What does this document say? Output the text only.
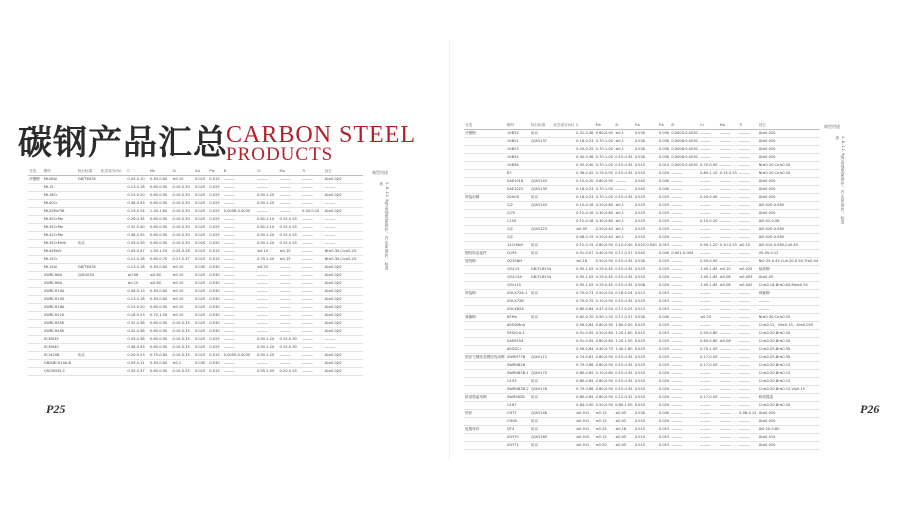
碳钢产品汇总
CARBON STEEL
PRODUCTS
分类	钢号	执行标准	化学成分(%)	C	Mn	Si	S≤	P≤	B	Cr	Mo	Ti	其它
冷镦钢	ML08Al	GB/T6478		0.05-0.10	0.30-0.60	≤0.10	0.015	0.015	———	———	———	———	Al≥0.020
	ML15			0.13-0.18	0.60-0.90	0.10-0.30	0.025	0.025	———	———	———	———	———
	ML18Cr			0.15-0.20	0.60-0.90	0.10-0.30	0.025	0.025	———	0.90-1.20	———	———	Al≥0.020
	ML40Cr			0.38-0.43	0.60-0.90	0.10-0.30	0.025	0.025	———	0.90-1.20	———	———	———
	ML20MnTiB			0.19-0.24	1.30-1.60	0.10-0.30	0.025	0.025	0.0008-0.0035	———	———	0.04-0.10	Al≥0.020
	ML30CrMo			0.26-0.34	0.60-0.90	0.10-0.30	0.025	0.025	———	0.80-1.10	0.15-0.25	———	———
	ML35CrMo			0.32-0.40	0.60-0.90	0.10-0.30	0.025	0.025	———	0.80-1.10	0.15-0.25	———	———
	ML42CrMo			0.38-0.45	0.60-0.90	0.10-0.30	0.025	0.025	———	0.90-1.20	0.15-0.25	———	———
	ML35CrMnSi	协议		0.33-0.39	0.60-0.90	0.10-0.30	0.020	0.020	———	0.90-1.20	0.15-0.25	———	———
	ML45MnV			0.43-0.47	1.50-1.55	0.24-0.28	0.015	0.015	———	≤0.10	≤0.10	———	Ni≤0.30,Cu≤0.25
	ML15Cr			0.12-0.16	0.60-0.70	0.17-0.37	0.015	0.015	———	0.70-1.00	≤0.15	———	Ni≤0.30,Cu≤0.25
	ML15Al	GB/T6478		0.13-0.18	0.30-0.60	≤0.10	0.030	0.030	———	≤0.20	———	———	Al≥0.020
	SWRCH6A	Q/XG034		≤0.08	≤0.60	≤0.10	0.025	0.030	———	———	———	———	Al≥0.020
	SWRCH8A			≤0.10	≤0.60	≤0.10	0.025	0.030	———	———	———	———	Al≥0.020
	SWRCH10A			0.08-0.13	0.30-0.60	≤0.10	0.025	0.030	———	———	———	———	Al≥0.020
	SWRCH15A			0.13-0.18	0.30-0.60	≤0.10	0.025	0.030	———	———	———	———	Al≥0.020
	SWRCH18A			0.15-0.20	0.60-0.90	≤0.10	0.025	0.030	———	———	———	———	Al≥0.020
	SWRCH22A			0.18-0.23	0.70-1.00	≤0.10	0.025	0.030	———	———	———	———	Al≥0.020
	SWRCH35K			0.32-0.38	0.60-0.90	0.10-0.35	0.025	0.030	———	———	———	———	Al≥0.020
	SWRCH45K			0.42-0.48	0.60-0.90	0.10-0.35	0.025	0.030	———	———	———	———	Al≥0.020
	SCM435			0.33-0.38	0.60-0.90	0.15-0.35	0.025	0.025	———	0.90-1.20	0.15-0.30	———	———
	SCM440			0.38-0.43	0.60-0.90	0.15-0.35	0.025	0.025	———	0.90-1.20	0.15-0.30	———	———
	SCr420B	协议		0.20-0.23	0.75-0.85	0.15-0.35	0.015	0.015	0.0005-0.0035	0.90-1.20	———	———	Al≥0.020
	GB/KBCH10A-B			0.09-0.11	0.30-0.60	≤0.1	0.030	0.030	———	———	———	———	Al≥0.020
	QSCM435-C			0.35-0.37	0.60-0.90	0.15-0.25	0.015	0.015	———	0.95-1.05	0.20-0.25	———	Al≥0.020
典型用途
4.8-12.9级高强度紧固件，汽车紧固件，标准件
P25
典型用途
4.8-12.9级高强度紧固件，汽车紧固件，标准件
P26
分类	钢号	执行标准	化学成分(%)	C	Mn	Si	S≤	P≤	B	Cr	Mo	Ti	其它
冷镦钢	10B33	协议		0.31-0.36	0.60-0.90	≤0.1	0.030	0.030	0.0005-0.0030	———	———	———	Al≥0.020
	10B21	Q/XG137		0.18-0.23	0.70-1.00	≤0.1	0.030	0.030	0.0008-0.0030	———	———	———	Al≥0.020
	10B23			0.20-0.25	0.70-1.00	≤0.1	0.030	0.030	0.0008-0.0030	———	———	———	Al≥0.020
	10B35			0.30-0.36	0.70-1.00	0.15-0.35	0.030	0.030	0.0008-0.0030	———	———	———	Al≥0.020
	10B38			0.35-0.40	0.70-1.00	0.15-0.35	0.015	0.015	0.0005-0.0030	0.70-0.90	———	———	Ni≤0.20,Cu≤0.20
	B7			0.36-0.42	0.75-0.95	0.15-0.35	0.020	0.020	———	0.80-1.10	0.15-0.25	———	Ni≤0.20,Cu≤0.20
	SAE1018	Q/XG143		0.15-0.20	0.60-0.90	———	0.040	0.030	———	———	———	———	Al≥0.020
	SAE1022	Q/XG130		0.18-0.23	0.70-1.00	———	0.040	0.030	———	———	———	———	Al≥0.020
焊接用钢	20ACR	协议		0.18-0.23	0.70-1.00	0.15-0.35	0.025	0.025	———	0.20-0.40	———	———	Al≥0.020
	CJ2	Q/XG143		0.10-0.16	0.20-0.60	≤0.1	0.025	0.025	———	———	———	———	Al0.020-0.060
	CJ75			0.12-0.16	0.30-0.60	≤0.1	0.025	0.025	———	———	———	———	Al≥0.020
	C15S			0.12-0.18	0.30-0.60	≤0.1	0.025	0.025	———	0.10-0.20	———	———	Al0.02-0.06
	CJC	Q/XG123		≤0.05	0.20-0.40	≤0.1	0.025	0.025	———	———	———	———	Al0.020-0.060
	CJC			0.08-0.15	0.20-0.40	≤0.1	0.020	0.020	———	———	———	———	Al0.020-0.060
	12CrMoV	协议		0.12-0.15	0.60-0.90	0.10-0.40	0.025-0.040	0.015	———	0.90-1.20	0.10-0.25	≤0.10	Al0.015-0.060,Cu0.40
钢结构连接件	Q195	协议		0.01-0.07	0.40-0.90	0.17-0.37	0.040	0.040	0.001-0.004	———	———	———	V0.05-0.12
管线钢	Q235NH			≤0.18	0.50-0.90	0.15-0.35	0.030	0.025	———	0.50-0.90	———	———	Ni0.25-0.45,Cu0.20-0.50,Ti≤0.04
	QG115	GB/T18254		0.95-1.05	0.25-0.45	0.15-0.35	0.025	0.025	———	1.40-1.65	≤0.10	≤0.025	轴承钢
	QG115A	GB/T18254		0.95-1.05	0.25-0.45	0.15-0.35	0.020	0.020	———	1.40-1.65	≤0.08	≤0.003	Al≤0.05
	QGr115			0.95-1.05	0.25-0.45	0.15-0.35	0.008	0.020	———	1.40-1.65	≤0.08	≤0.002	Cu≤0.18,Ni≤0.04,Mo≤0.20
焊接钢	XGLX72A-1	协议		0.70-0.73	0.50-0.54	0.18-0.24	0.013	0.015	———	———	———	———	弹簧钢
	XGLX72B			0.70-0.75	0.70-0.90	0.15-0.35	0.025	0.015	———	———	———	———	———
	XGLX82A			0.80-0.84	0.47-0.54	0.17-0.25	0.013	0.015	———	———	———	———	———
弹簧钢	65Mn	协议		0.62-0.70	0.90-1.20	0.17-0.37	0.030	0.030	———	≤0.25	———	———	Ni≤0.30,Cu≤0.25
	60Si2MnA			0.56-0.64	0.60-0.90	1.60-2.00	0.025	0.025	———	———	———	———	Cu≤0.12，Ni≤0.15，Al≤0.005
	55SiCrA-1			0.51-0.59	0.50-0.80	1.20-1.60	0.015	0.015	———	0.50-0.80	———	———	Cu≤0.20,Ni≤0.20
	SAE9254			0.51-0.59	0.60-0.80	1.20-1.50	0.025	0.025	———	0.60-0.80	≤0.06	———	Cu≤0.20,Ni≤0.20
	60Si2Cr			0.56-0.64	0.40-0.70	1.40-1.80	0.025	0.025	———	0.70-1.00	———	———	Cu≤0.25,Ni≤0.35
预应力钢丝及钢绞线用钢	SWRH77B	Q/XG112		0.74-0.81	0.60-0.90	0.15-0.35	0.025	0.025	———	0.17-0.50	———	———	Cu≤0.25,Ni≤0.35
	SWRH82B			0.79-0.86	0.60-0.90	0.15-0.35	0.025	0.025	———	0.17-0.50	———	———	Cu≤0.20,Ni≤0.15
	SWRH82B-1	Q/XG175		0.80-0.85	0.70-0.80	0.15-0.35	0.020	0.020	———	———	———	———	Cu≤0.20,Ni≤0.15
	U153	协议		0.80-0.85	0.60-0.90	0.15-0.35	0.020	0.020	———	———	———	———	Cu≤0.20,Ni≤0.15
	SWRH82B-2	Q/XG176		0.79-0.86	0.60-0.90	0.15-0.35	0.020	0.020	———	———	———	———	Cu≤0.20,Ni≤0.15,V≤0.15
桥梁缆索用钢	SWRS82B	协议		0.80-0.85	0.60-0.90	0.12-0.32	0.020	0.020	———	0.17-0.50	———	———	桥梁缆索
	U167			0.84-0.90	0.50-0.90	0.80-1.00	0.020	0.020	———	———	———	———	Cu≤0.20,Ni≤0.20
焊丝	CHT7	Q/XG148		≤0.012	≤0.15	≤0.05	0.030	0.030	———	———	———	0.06-0.12	Al≤0.020
	CH08	协议		≤0.012	≤0.15	≤0.02	0.020	0.020	———	———	———	———	Al≤0.020
电极材料	DT4	协议		≤0.012	≤0.25	≤0.18	0.015	0.015	———	———	———	———	Al0.20-0.80
	XGYT0	Q/XG180		≤0.010	≤0.15	≤0.05	0.010	0.015	———	———	———	———	Al≤0.015
	XGYT1	协议		≤0.012	≤0.20	≤0.05	0.015	0.015	———	———	———	———	Al≤0.020
